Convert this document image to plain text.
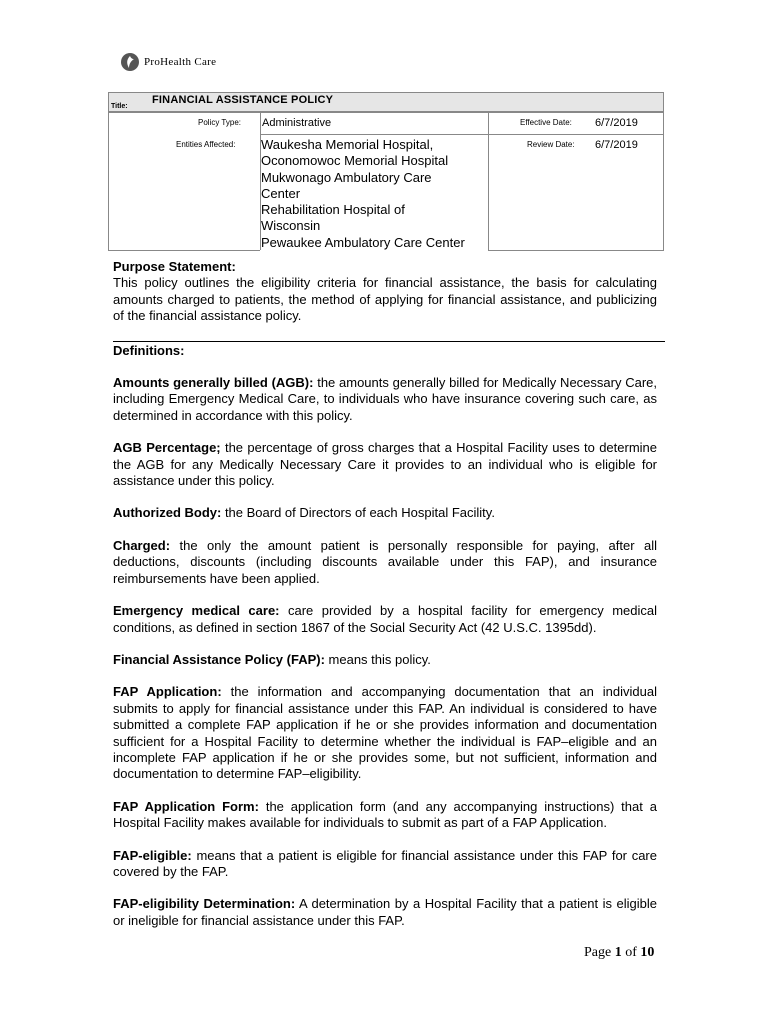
ProHealth Care
Title:
FINANCIAL ASSISTANCE POLICY
Policy Type: Administrative
Entities Affected: Waukesha Memorial Hospital,
Oconomowoc Memorial Hospital
Mukwonago Ambulatory Care
Center
Rehabilitation Hospital of
Wisconsin
Pewaukee Ambulatory Care Center
Effective Date: 6/7/2019
Review Date: 6/7/2019

Purpose Statement:

This policy outlines the eligibility criteria for financial assistance, the basis for calculating amounts charged to patients, the method of applying for financial assistance, and publicizing of the financial assistance policy.

Definitions:

Amounts generally billed (AGB): the amounts generally billed for Medically Necessary Care, including Emergency Medical Care, to individuals who have insurance covering such care, as determined in accordance with this policy.

AGB Percentage; the percentage of gross charges that a Hospital Facility uses to determine the AGB for any Medically Necessary Care it provides to an individual who is eligible for assistance under this policy.

Authorized Body: the Board of Directors of each Hospital Facility.

Charged: the only the amount patient is personally responsible for paying, after all deductions, discounts (including discounts available under this FAP), and insurance reimbursements have been applied.

Emergency medical care: care provided by a hospital facility for emergency medical conditions, as defined in section 1867 of the Social Security Act (42 U.S.C. 1395dd).

Financial Assistance Policy (FAP): means this policy.

FAP Application: the information and accompanying documentation that an individual submits to apply for financial assistance under this FAP. An individual is considered to have submitted a complete FAP application if he or she provides information and documentation sufficient for a Hospital Facility to determine whether the individual is FAP–eligible and an incomplete FAP application if he or she provides some, but not sufficient, information and documentation to determine FAP–eligibility.

FAP Application Form: the application form (and any accompanying instructions) that a Hospital Facility makes available for individuals to submit as part of a FAP Application.

FAP-eligible: means that a patient is eligible for financial assistance under this FAP for care covered by the FAP.

FAP-eligibility Determination: A determination by a Hospital Facility that a patient is eligible or ineligible for financial assistance under this FAP.

Page 1 of 10
